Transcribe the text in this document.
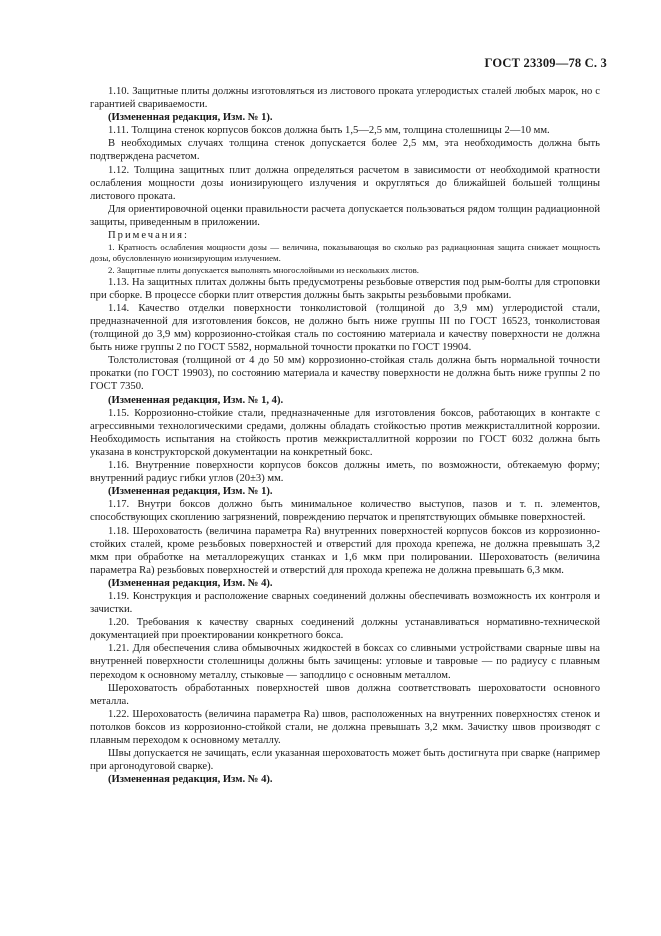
ГОСТ 23309—78 С. 3

1.10. Защитные плиты должны изготовляться из листового проката углеродистых сталей любых марок, но с гарантией свариваемости.

(Измененная редакция, Изм. № 1).

1.11. Толщина стенок корпусов боксов должна быть 1,5—2,5 мм, толщина столешницы 2—10 мм.

В необходимых случаях толщина стенок допускается более 2,5 мм, эта необходимость должна быть подтверждена расчетом.

1.12. Толщина защитных плит должна определяться расчетом в зависимости от необходимой кратности ослабления мощности дозы ионизирующего излучения и округляться до ближайшей большей толщины листового проката.

Для ориентировочной оценки правильности расчета допускается пользоваться рядом толщин радиационной защиты, приведенным в приложении.

Примечания:

1. Кратность ослабления мощности дозы — величина, показывающая во сколько раз радиационная защита снижает мощность дозы, обусловленную ионизирующим излучением.

2. Защитные плиты допускается выполнять многослойными из нескольких листов.

1.13. На защитных плитах должны быть предусмотрены резьбовые отверстия под рым-болты для строповки при сборке. В процессе сборки плит отверстия должны быть закрыты резьбовыми пробками.

1.14. Качество отделки поверхности тонколистовой (толщиной до 3,9 мм) углеродистой стали, предназначенной для изготовления боксов, не должно быть ниже группы III по ГОСТ 16523, тонколистовая (толщиной до 3,9 мм) коррозионно-стойкая сталь по состоянию материала и качеству поверхности не должна быть ниже группы 2 по ГОСТ 5582, нормальной точности прокатки по ГОСТ 19904.

Толстолистовая (толщиной от 4 до 50 мм) коррозионно-стойкая сталь должна быть нормальной точности прокатки (по ГОСТ 19903), по состоянию материала и качеству поверхности не должна быть ниже группы 2 по ГОСТ 7350.

(Измененная редакция, Изм. № 1, 4).

1.15. Коррозионно-стойкие стали, предназначенные для изготовления боксов, работающих в контакте с агрессивными технологическими средами, должны обладать стойкостью против межкристаллитной коррозии. Необходимость испытания на стойкость против межкристаллитной коррозии по ГОСТ 6032 должна быть указана в конструкторской документации на конкретный бокс.

1.16. Внутренние поверхности корпусов боксов должны иметь, по возможности, обтекаемую форму; внутренний радиус гибки углов (20±3) мм.

(Измененная редакция, Изм. № 1).

1.17. Внутри боксов должно быть минимальное количество выступов, пазов и т. п. элементов, способствующих скоплению загрязнений, повреждению перчаток и препятствующих обмывке поверхностей.

1.18. Шероховатость (величина параметра Ra) внутренних поверхностей корпусов боксов из коррозионно-стойких сталей, кроме резьбовых поверхностей и отверстий для прохода крепежа, не должна превышать 3,2 мкм при обработке на металлорежущих станках и 1,6 мкм при полировании. Шероховатость (величина параметра Ra) резьбовых поверхностей и отверстий для прохода крепежа не должна превышать 6,3 мкм.

(Измененная редакция, Изм. № 4).

1.19. Конструкция и расположение сварных соединений должны обеспечивать возможность их контроля и зачистки.

1.20. Требования к качеству сварных соединений должны устанавливаться нормативно-технической документацией при проектировании конкретного бокса.

1.21. Для обеспечения слива обмывочных жидкостей в боксах со сливными устройствами сварные швы на внутренней поверхности столешницы должны быть зачищены: угловые и тавровые — по радиусу с плавным переходом к основному металлу, стыковые — заподлицо с основным металлом.

Шероховатость обработанных поверхностей швов должна соответствовать шероховатости основного металла.

1.22. Шероховатость (величина параметра Ra) швов, расположенных на внутренних поверхностях стенок и потолков боксов из коррозионно-стойкой стали, не должна превышать 3,2 мкм. Зачистку швов производят с плавным переходом к основному металлу.

Швы допускается не зачищать, если указанная шероховатость может быть достигнута при сварке (например при аргонодуговой сварке).

(Измененная редакция, Изм. № 4).
